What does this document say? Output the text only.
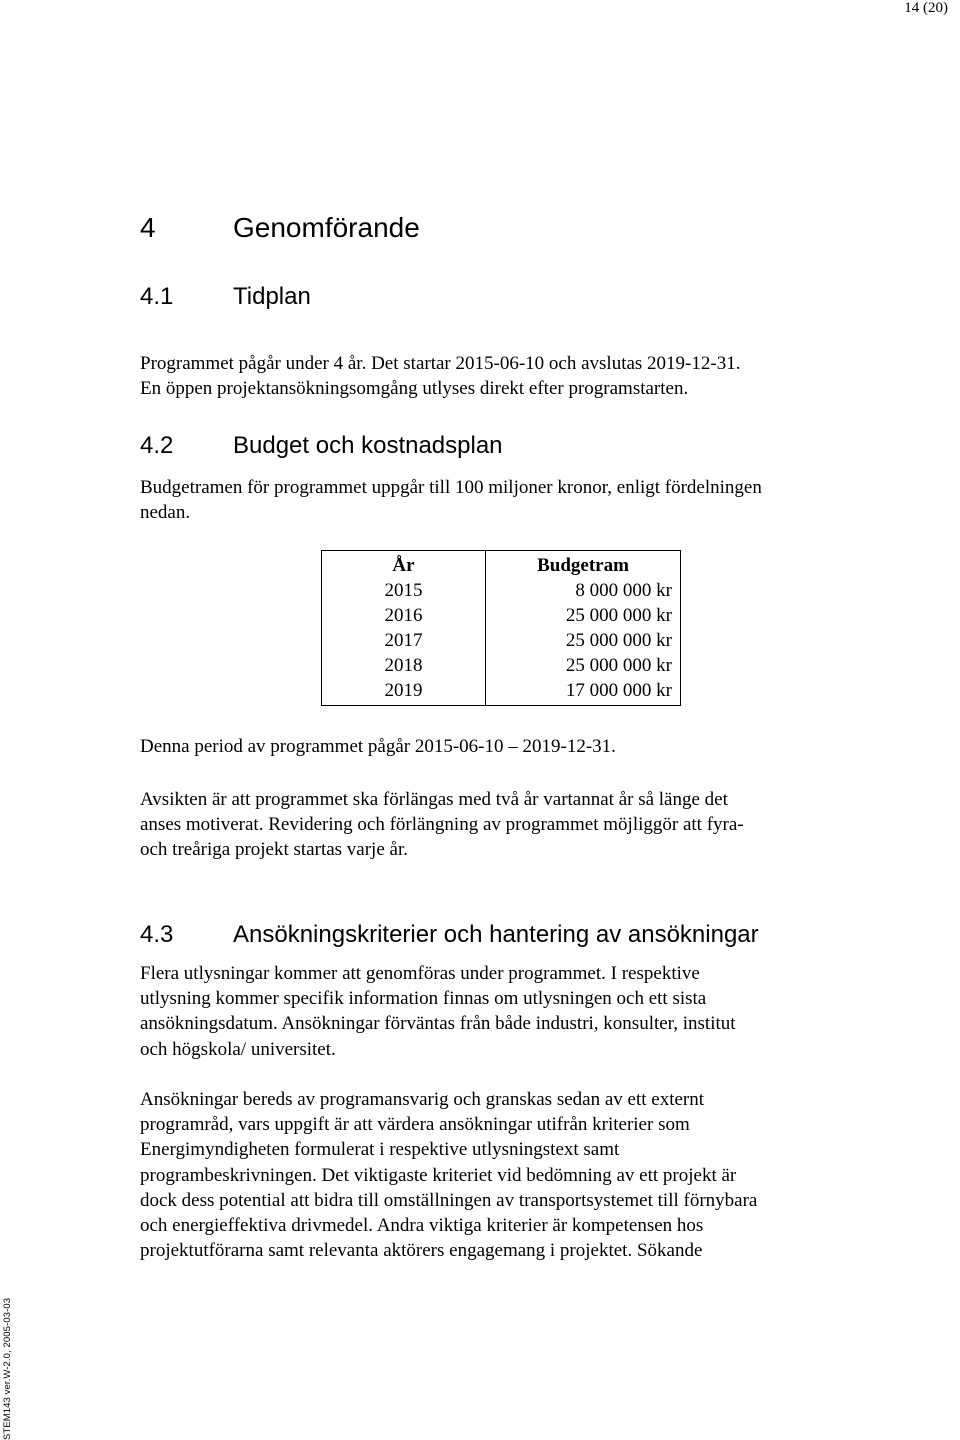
14 (20)
4	Genomförande
4.1 Tidplan
Programmet pågår under 4 år. Det startar 2015-06-10 och avslutas 2019-12-31.
En öppen projektansökningsomgång utlyses direkt efter programstarten.
4.2 Budget och kostnadsplan
Budgetramen för programmet uppgår till 100 miljoner kronor, enligt fördelningen
nedan.
År	Budgetram
2015	8 000 000 kr
2016	25 000 000 kr
2017	25 000 000 kr
2018	25 000 000 kr
2019	17 000 000 kr
Denna period av programmet pågår 2015-06-10 – 2019-12-31.
Avsikten är att programmet ska förlängas med två år vartannat år så länge det
anses motiverat. Revidering och förlängning av programmet möjliggör att fyra-
och treåriga projekt startas varje år.
4.3 Ansökningskriterier och hantering av ansökningar
Flera utlysningar kommer att genomföras under programmet. I respektive
utlysning kommer specifik information finnas om utlysningen och ett sista
ansökningsdatum. Ansökningar förväntas från både industri, konsulter, institut
och högskola/ universitet.
Ansökningar bereds av programansvarig och granskas sedan av ett externt
programråd, vars uppgift är att värdera ansökningar utifrån kriterier som
Energimyndigheten formulerat i respektive utlysningstext samt
programbeskrivningen. Det viktigaste kriteriet vid bedömning av ett projekt är
dock dess potential att bidra till omställningen av transportsystemet till förnybara
och energieffektiva drivmedel. Andra viktiga kriterier är kompetensen hos
projektutförarna samt relevanta aktörers engagemang i projektet. Sökande
STEM143 ver.W-2.0, 2005-03-03
